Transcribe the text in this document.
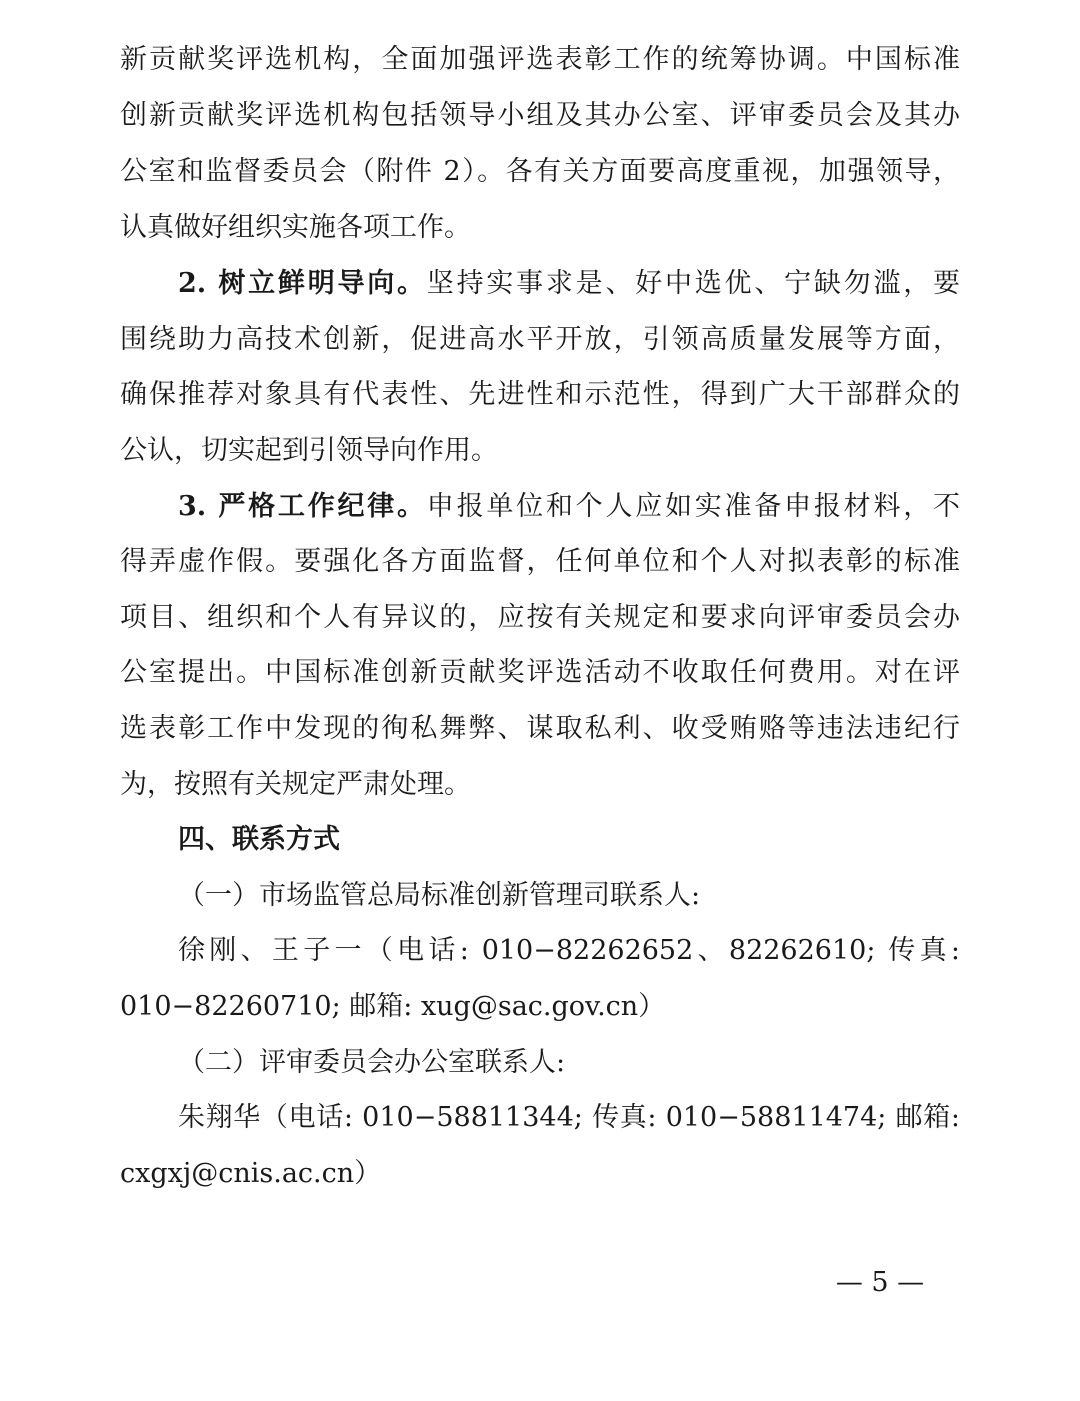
新贡献奖评选机构，全面加强评选表彰工作的统筹协调。中国标准
创新贡献奖评选机构包括领导小组及其办公室、评审委员会及其办
公室和监督委员会（附件 2）。各有关方面要高度重视，加强领导，
认真做好组织实施各项工作。
2. 树立鲜明导向。坚持实事求是、好中选优、宁缺勿滥，要
围绕助力高技术创新，促进高水平开放，引领高质量发展等方面，
确保推荐对象具有代表性、先进性和示范性，得到广大干部群众的
公认，切实起到引领导向作用。
3. 严格工作纪律。申报单位和个人应如实准备申报材料，不
得弄虚作假。要强化各方面监督，任何单位和个人对拟表彰的标准
项目、组织和个人有异议的，应按有关规定和要求向评审委员会办
公室提出。中国标准创新贡献奖评选活动不收取任何费用。对在评
选表彰工作中发现的徇私舞弊、谋取私利、收受贿赂等违法违纪行
为，按照有关规定严肃处理。
四、联系方式
（一）市场监管总局标准创新管理司联系人:
徐刚、王子一（电话: 010−82262652、82262610; 传真:
010−82260710; 邮箱: xug@sac.gov.cn）
（二）评审委员会办公室联系人:
朱翔华（电话: 010−58811344; 传真: 010−58811474; 邮箱:
cxgxj@cnis.ac.cn）
— 5 —
